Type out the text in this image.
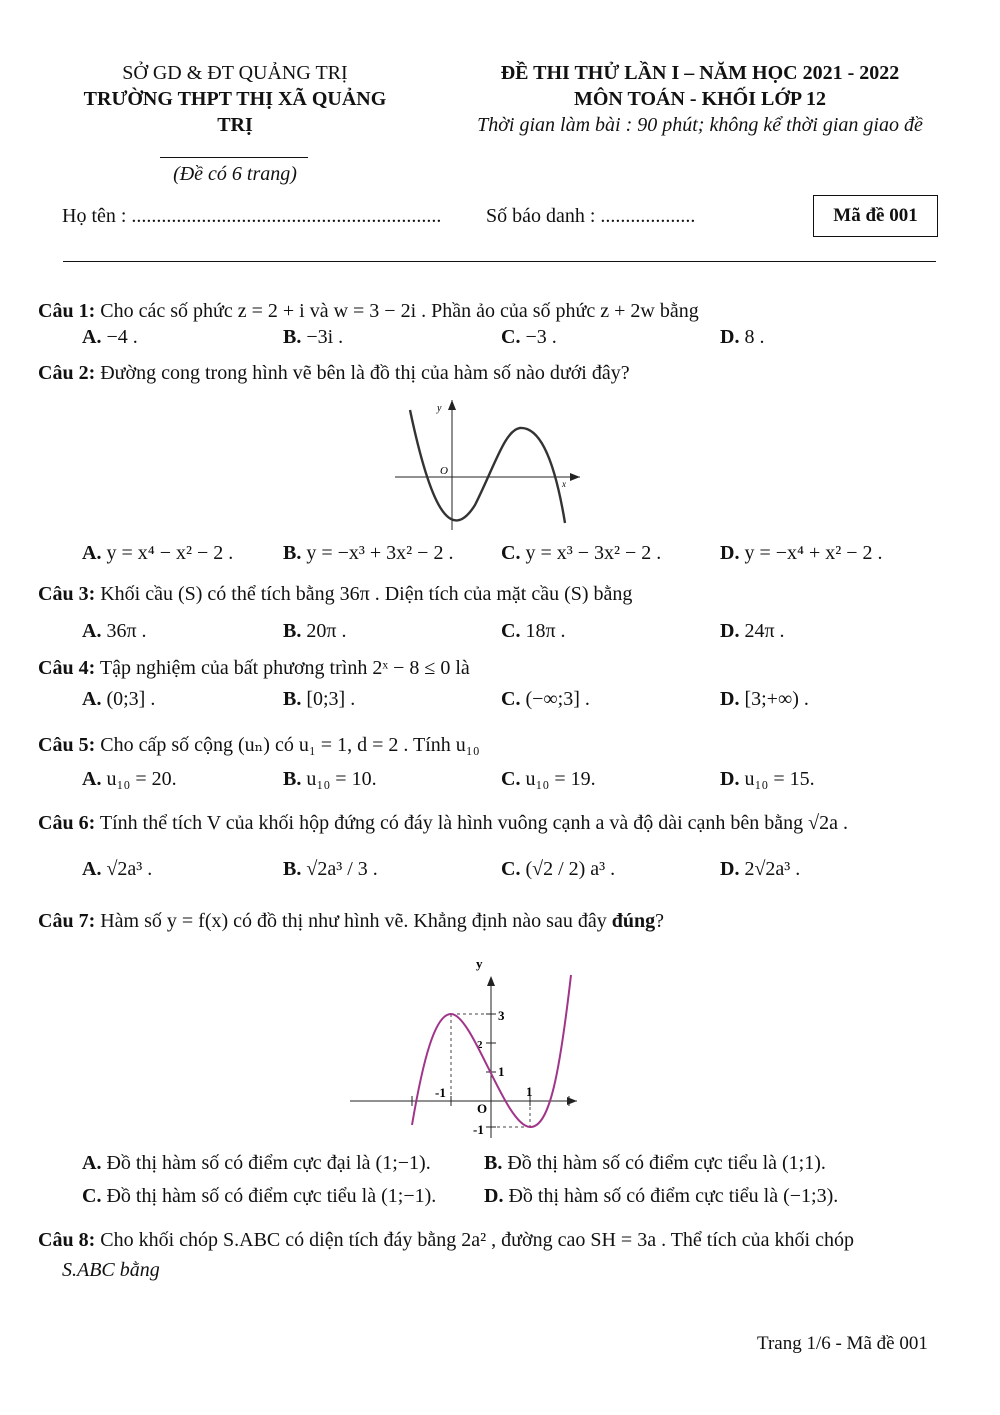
SỞ GD & ĐT QUẢNG TRỊ
TRƯỜNG THPT THỊ XÃ QUẢNG
TRỊ
(Đề có 6 trang)
ĐỀ THI THỬ LẦN I – NĂM HỌC 2021 - 2022
MÔN TOÁN - KHỐI LỚP 12
Thời gian làm bài : 90 phút; không kể thời gian giao đề
Họ tên : .............................................................. Số báo danh : ...................	Mã đề 001
Câu 1: Cho các số phức z = 2 + i và w = 3 − 2i . Phần ảo của số phức z + 2w bằng
A. −4 .	B. −3i .	C. −3 .	D. 8 .
Câu 2: Đường cong trong hình vẽ bên là đồ thị của hàm số nào dưới đây?
y
x
O
A. y = x⁴ − x² − 2 . B. y = −x³ + 3x² − 2 . C. y = x³ − 3x² − 2 .	D. y = −x⁴ + x² − 2 .
Câu 3: Khối cầu (S) có thể tích bằng 36π . Diện tích của mặt cầu (S) bằng
A. 36π .	B. 20π .	C. 18π .	D. 24π .
Câu 4: Tập nghiệm của bất phương trình 2ˣ − 8 ≤ 0 là
A. (0;3] .	B. [0;3] .	C. (−∞;3] .	D. [3;+∞) .
Câu 5: Cho cấp số cộng (uₙ) có u₁ = 1, d = 2 . Tính u₁₀
A. u₁₀ = 20.	B. u₁₀ = 10.	C. u₁₀ = 19.	D. u₁₀ = 15.
Câu 6: Tính thể tích V của khối hộp đứng có đáy là hình vuông cạnh a và độ dài cạnh bên bằng √2a .
A. √2a³ .	B. √2a³ / 3 .	C. (√2 / 2) a³ .	D. 2√2a³ .
Câu 7: Hàm số y = f(x) có đồ thị như hình vẽ. Khẳng định nào sau đây đúng?
y
3
2
1
-1
-1	1
O
A. Đồ thị hàm số có điểm cực đại là (1;−1).	B. Đồ thị hàm số có điểm cực tiểu là (1;1).
C. Đồ thị hàm số có điểm cực tiểu là (1;−1). D. Đồ thị hàm số có điểm cực tiểu là (−1;3).
Câu 8: Cho khối chóp S.ABC có diện tích đáy bằng 2a² , đường cao SH = 3a . Thể tích của khối chóp
S.ABC bằng
Trang 1/6 - Mã đề 001
